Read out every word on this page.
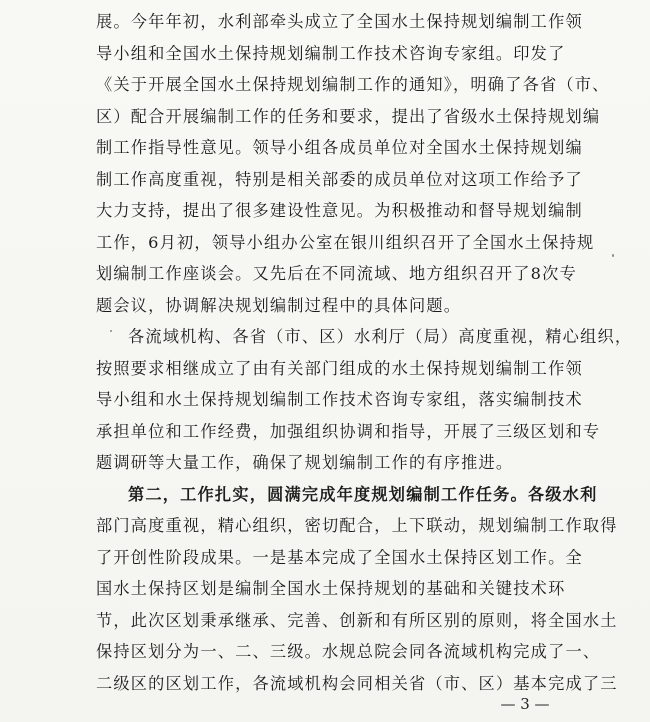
展。今年年初，水利部牵头成立了全国水土保持规划编制工作领
导小组和全国水土保持规划编制工作技术咨询专家组。印发了
《关于开展全国水土保持规划编制工作的通知》，明确了各省（市、
区）配合开展编制工作的任务和要求，提出了省级水土保持规划编
制工作指导性意见。领导小组各成员单位对全国水土保持规划编
制工作高度重视，特别是相关部委的成员单位对这项工作给予了
大力支持，提出了很多建设性意见。为积极推动和督导规划编制
工作，6月初，领导小组办公室在银川组织召开了全国水土保持规
划编制工作座谈会。又先后在不同流域、地方组织召开了8次专
题会议，协调解决规划编制过程中的具体问题。
各流域机构、各省（市、区）水利厅（局）高度重视，精心组织，
按照要求相继成立了由有关部门组成的水土保持规划编制工作领
导小组和水土保持规划编制工作技术咨询专家组，落实编制技术
承担单位和工作经费，加强组织协调和指导，开展了三级区划和专
题调研等大量工作，确保了规划编制工作的有序推进。
第二，工作扎实，圆满完成年度规划编制工作任务。各级水利
部门高度重视，精心组织，密切配合，上下联动，规划编制工作取得
了开创性阶段成果。一是基本完成了全国水土保持区划工作。全
国水土保持区划是编制全国水土保持规划的基础和关键技术环
节，此次区划秉承继承、完善、创新和有所区别的原则，将全国水土
保持区划分为一、二、三级。水规总院会同各流域机构完成了一、
二级区的区划工作，各流域机构会同相关省（市、区）基本完成了三
— 3 —
